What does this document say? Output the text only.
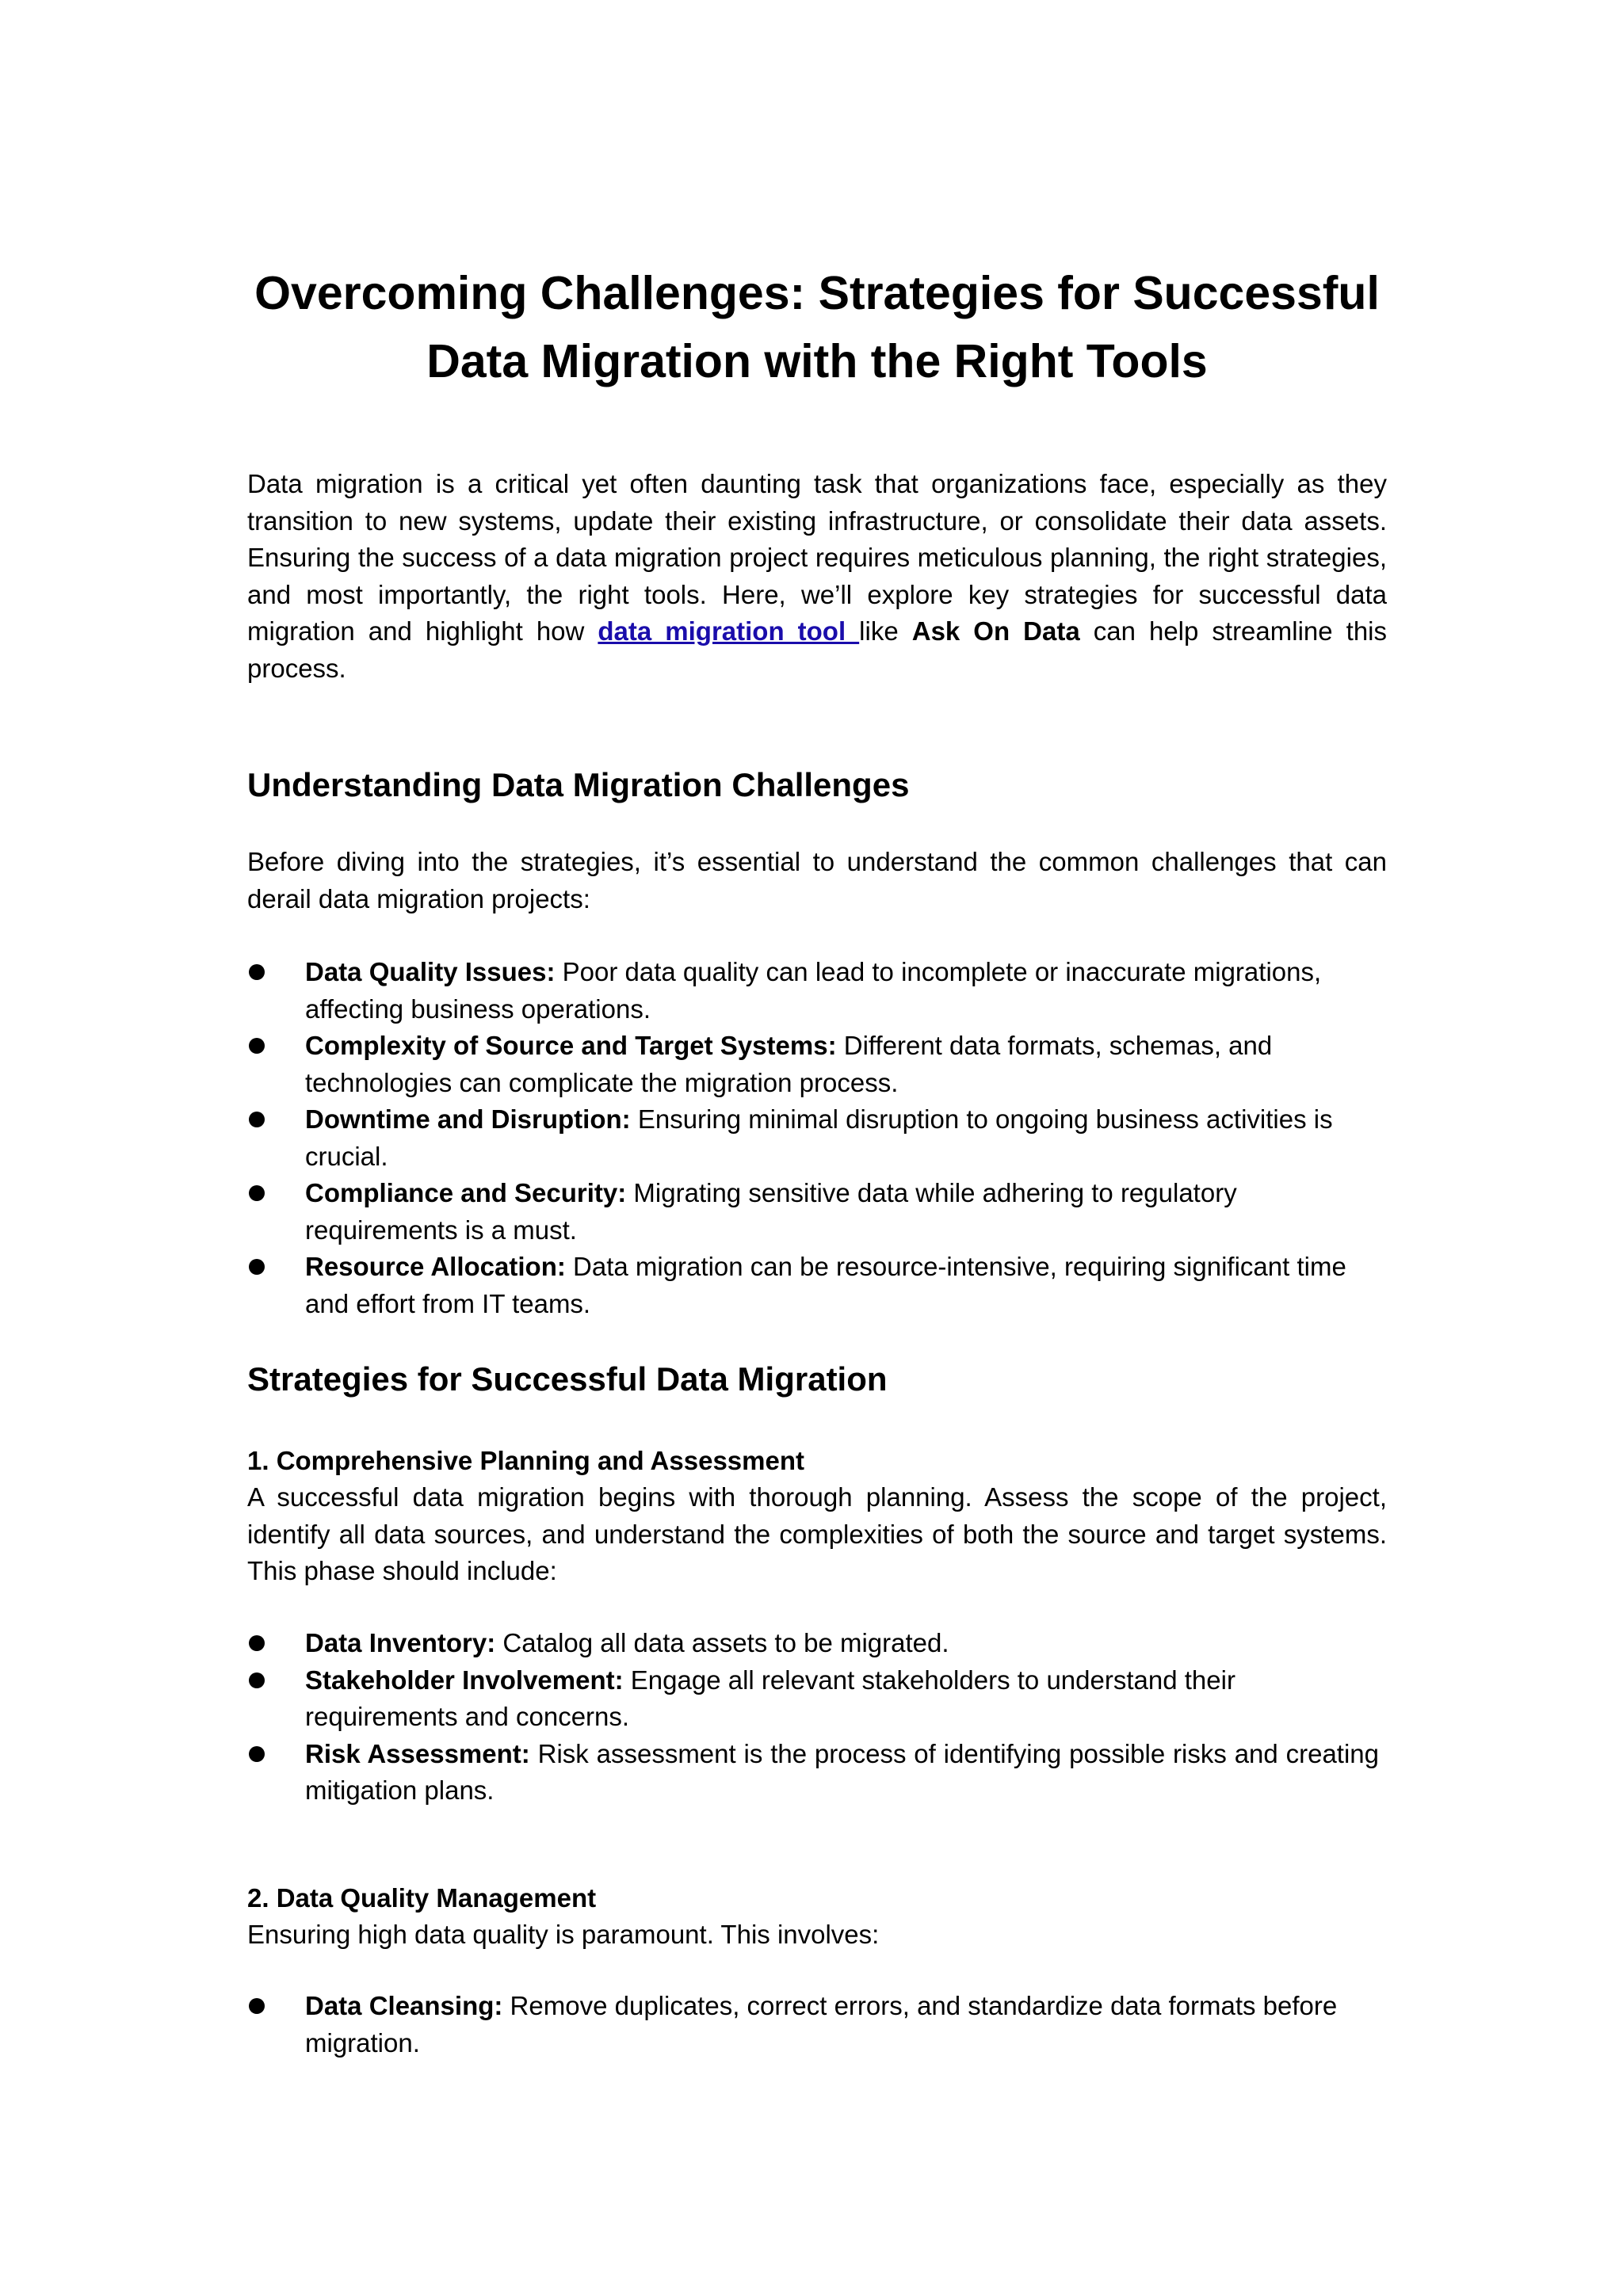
Overcoming Challenges: Strategies for Successful
Data Migration with the Right Tools

Data migration is a critical yet often daunting task that organizations face, especially as they transition to new systems, update their existing infrastructure, or consolidate their data assets. Ensuring the success of a data migration project requires meticulous planning, the right strategies, and most importantly, the right tools. Here, we’ll explore key strategies for successful data migration and highlight how data migration tool like Ask On Data can help streamline this process.

Understanding Data Migration Challenges

Before diving into the strategies, it’s essential to understand the common challenges that can derail data migration projects:

Data Quality Issues: Poor data quality can lead to incomplete or inaccurate migrations, affecting business operations.
Complexity of Source and Target Systems: Different data formats, schemas, and technologies can complicate the migration process.
Downtime and Disruption: Ensuring minimal disruption to ongoing business activities is crucial.
Compliance and Security: Migrating sensitive data while adhering to regulatory requirements is a must.
Resource Allocation: Data migration can be resource-intensive, requiring significant time and effort from IT teams.
Strategies for Successful Data Migration
1. Comprehensive Planning and Assessment

A successful data migration begins with thorough planning. Assess the scope of the project, identify all data sources, and understand the complexities of both the source and target systems. This phase should include:

Data Inventory: Catalog all data assets to be migrated.
Stakeholder Involvement: Engage all relevant stakeholders to understand their requirements and concerns.
Risk Assessment: Risk assessment is the process of identifying possible risks and creating mitigation plans.
2. Data Quality Management

Ensuring high data quality is paramount. This involves:

Data Cleansing: Remove duplicates, correct errors, and standardize data formats before migration.
